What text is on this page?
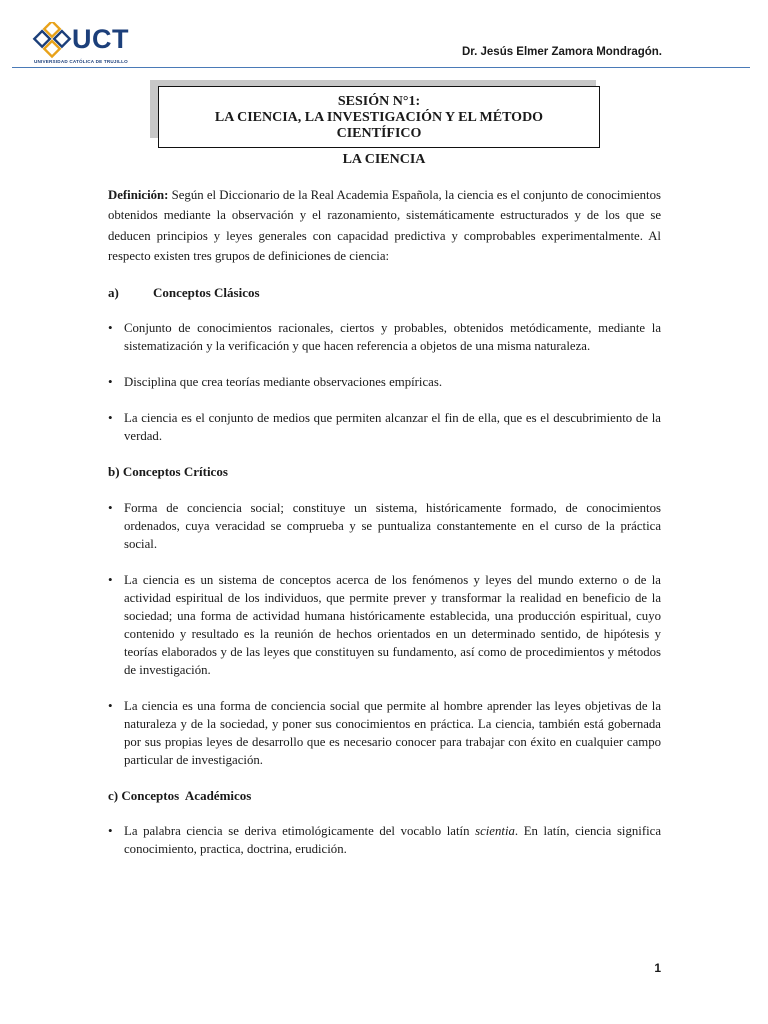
UCT
UNIVERSIDAD CATÓLICA DE TRUJILLO
Dr. Jesús Elmer Zamora Mondragón.
SESIÓN N°1:
LA CIENCIA, LA INVESTIGACIÓN Y EL MÉTODO
CIENTÍFICO
LA CIENCIA

Definición: Según el Diccionario de la Real Academia Española, la ciencia es el conjunto de conocimientos obtenidos mediante la observación y el razonamiento, sistemáticamente estructurados y de los que se deducen principios y leyes generales con capacidad predictiva y comprobables experimentalmente. Al respecto existen tres grupos de definiciones de ciencia:

a)	Conceptos Clásicos

• Conjunto de conocimientos racionales, ciertos y probables, obtenidos metódicamente, mediante la sistematización y la verificación y que hacen referencia a objetos de una misma naturaleza.
• Disciplina que crea teorías mediante observaciones empíricas.
• La ciencia es el conjunto de medios que permiten alcanzar el fin de ella, que es el descubrimiento de la verdad.

b) Conceptos Críticos

• Forma de conciencia social; constituye un sistema, históricamente formado, de conocimientos ordenados, cuya veracidad se comprueba y se puntualiza constantemente en el curso de la práctica social.
• La ciencia es un sistema de conceptos acerca de los fenómenos y leyes del mundo externo o de la actividad espiritual de los individuos, que permite prever y transformar la realidad en beneficio de la sociedad; una forma de actividad humana históricamente establecida, una producción espiritual, cuyo contenido y resultado es la reunión de hechos orientados en un determinado sentido, de hipótesis y teorías elaborados y de las leyes que constituyen su fundamento, así como de procedimientos y métodos de investigación.
• La ciencia es una forma de conciencia social que permite al hombre aprender las leyes objetivas de la naturaleza y de la sociedad, y poner sus conocimientos en práctica. La ciencia, también está gobernada por sus propias leyes de desarrollo que es necesario conocer para trabajar con éxito en cualquier campo particular de investigación.

c) Conceptos  Académicos

• La palabra ciencia se deriva etimológicamente del vocablo latín scientia. En latín, ciencia significa conocimiento, practica, doctrina, erudición.
1
